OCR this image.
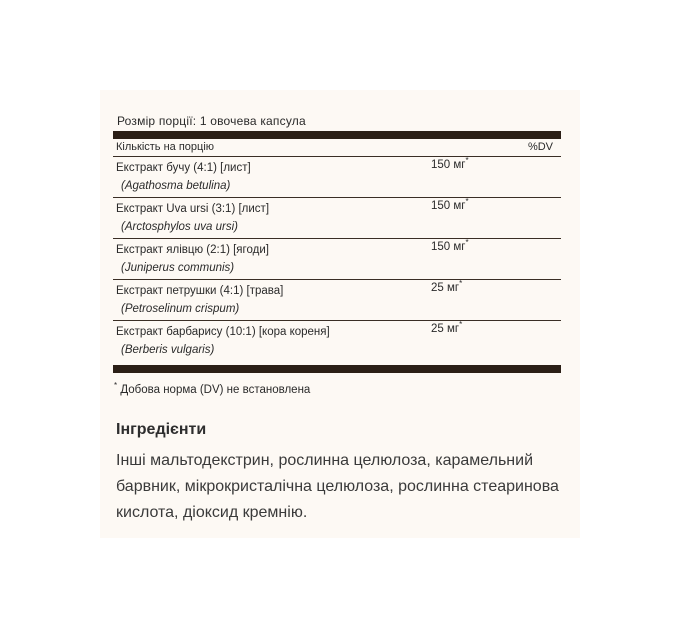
Розмір порції: 1 овочева капсула
Кількість на порцію	%DV
Екстракт бучу (4:1) [лист]
(Agathosma betulina)
150 мг*
Екстракт Uva ursi (3:1) [лист]
(Arctosphylos uva ursi)
150 мг*
Екстракт ялівцю (2:1) [ягоди]
(Juniperus communis)
150 мг*
Екстракт петрушки (4:1) [трава]
(Petroselinum crispum)
25 мг*
Екстракт барбарису (10:1) [кора кореня]
(Berberis vulgaris)
25 мг*
* Добова норма (DV) не встановлена
Інгредієнти
Інші мальтодекстрин, рослинна целюлоза, карамельний барвник, мікрокристалічна целюлоза, рослинна стеаринова кислота, діоксид кремнію.
